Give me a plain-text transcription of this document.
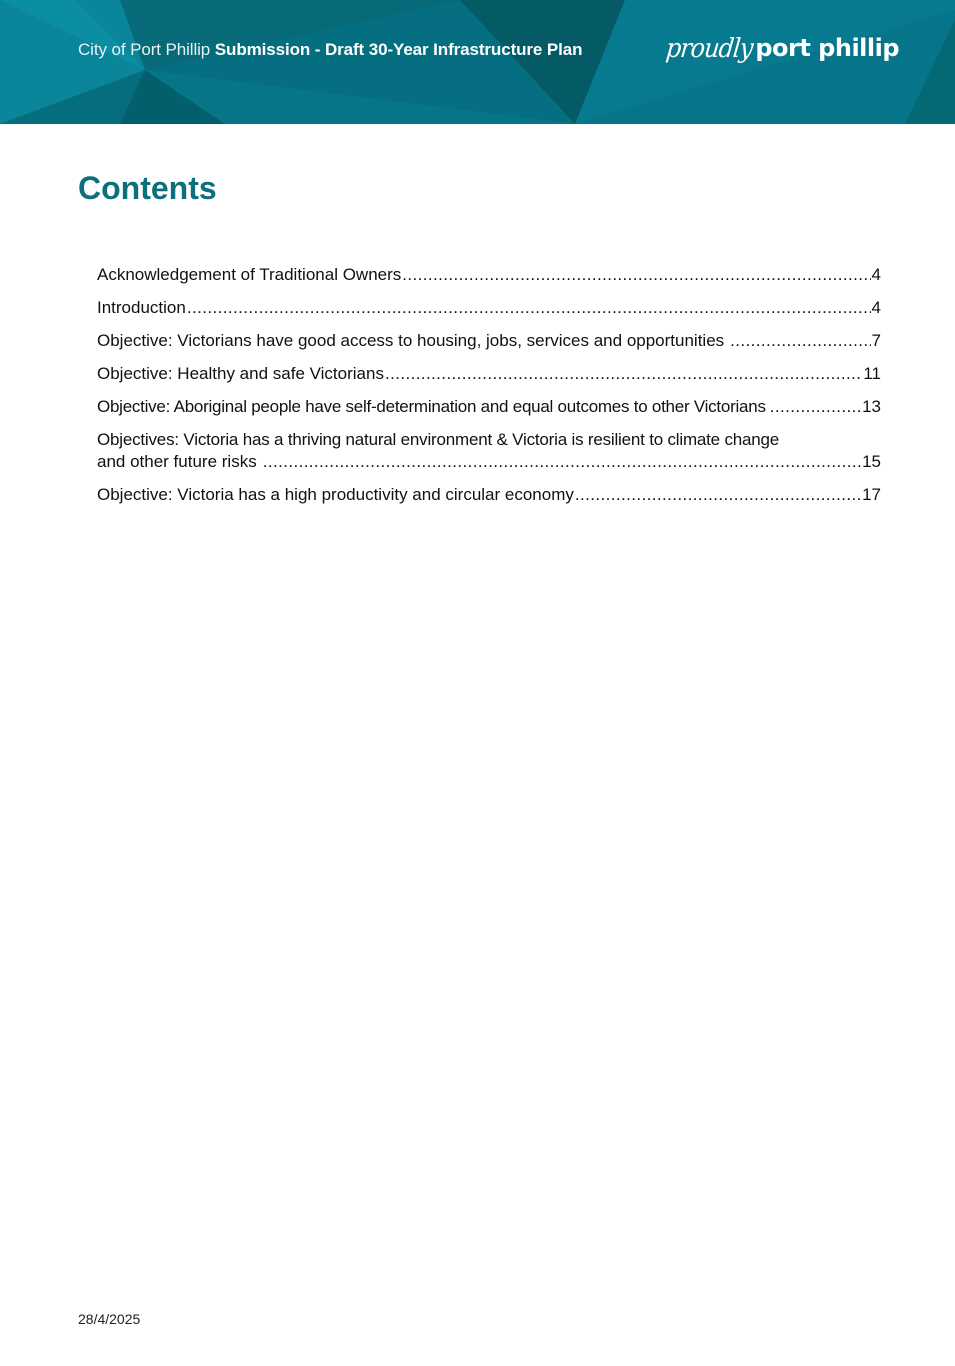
City of Port Phillip Submission - Draft 30-Year Infrastructure Plan	proudlyport phillip
Contents
Acknowledgement of Traditional Owners .....	4
Introduction .....	4
Objective: Victorians have good access to housing, jobs, services and opportunities .....	7
Objective: Healthy and safe Victorians .....	11
Objective: Aboriginal people have self-determination and equal outcomes to other Victorians .....	13
Objectives: Victoria has a thriving natural environment & Victoria is resilient to climate change
and other future risks .....	15
Objective: Victoria has a high productivity and circular economy .....	17
28/4/2025
